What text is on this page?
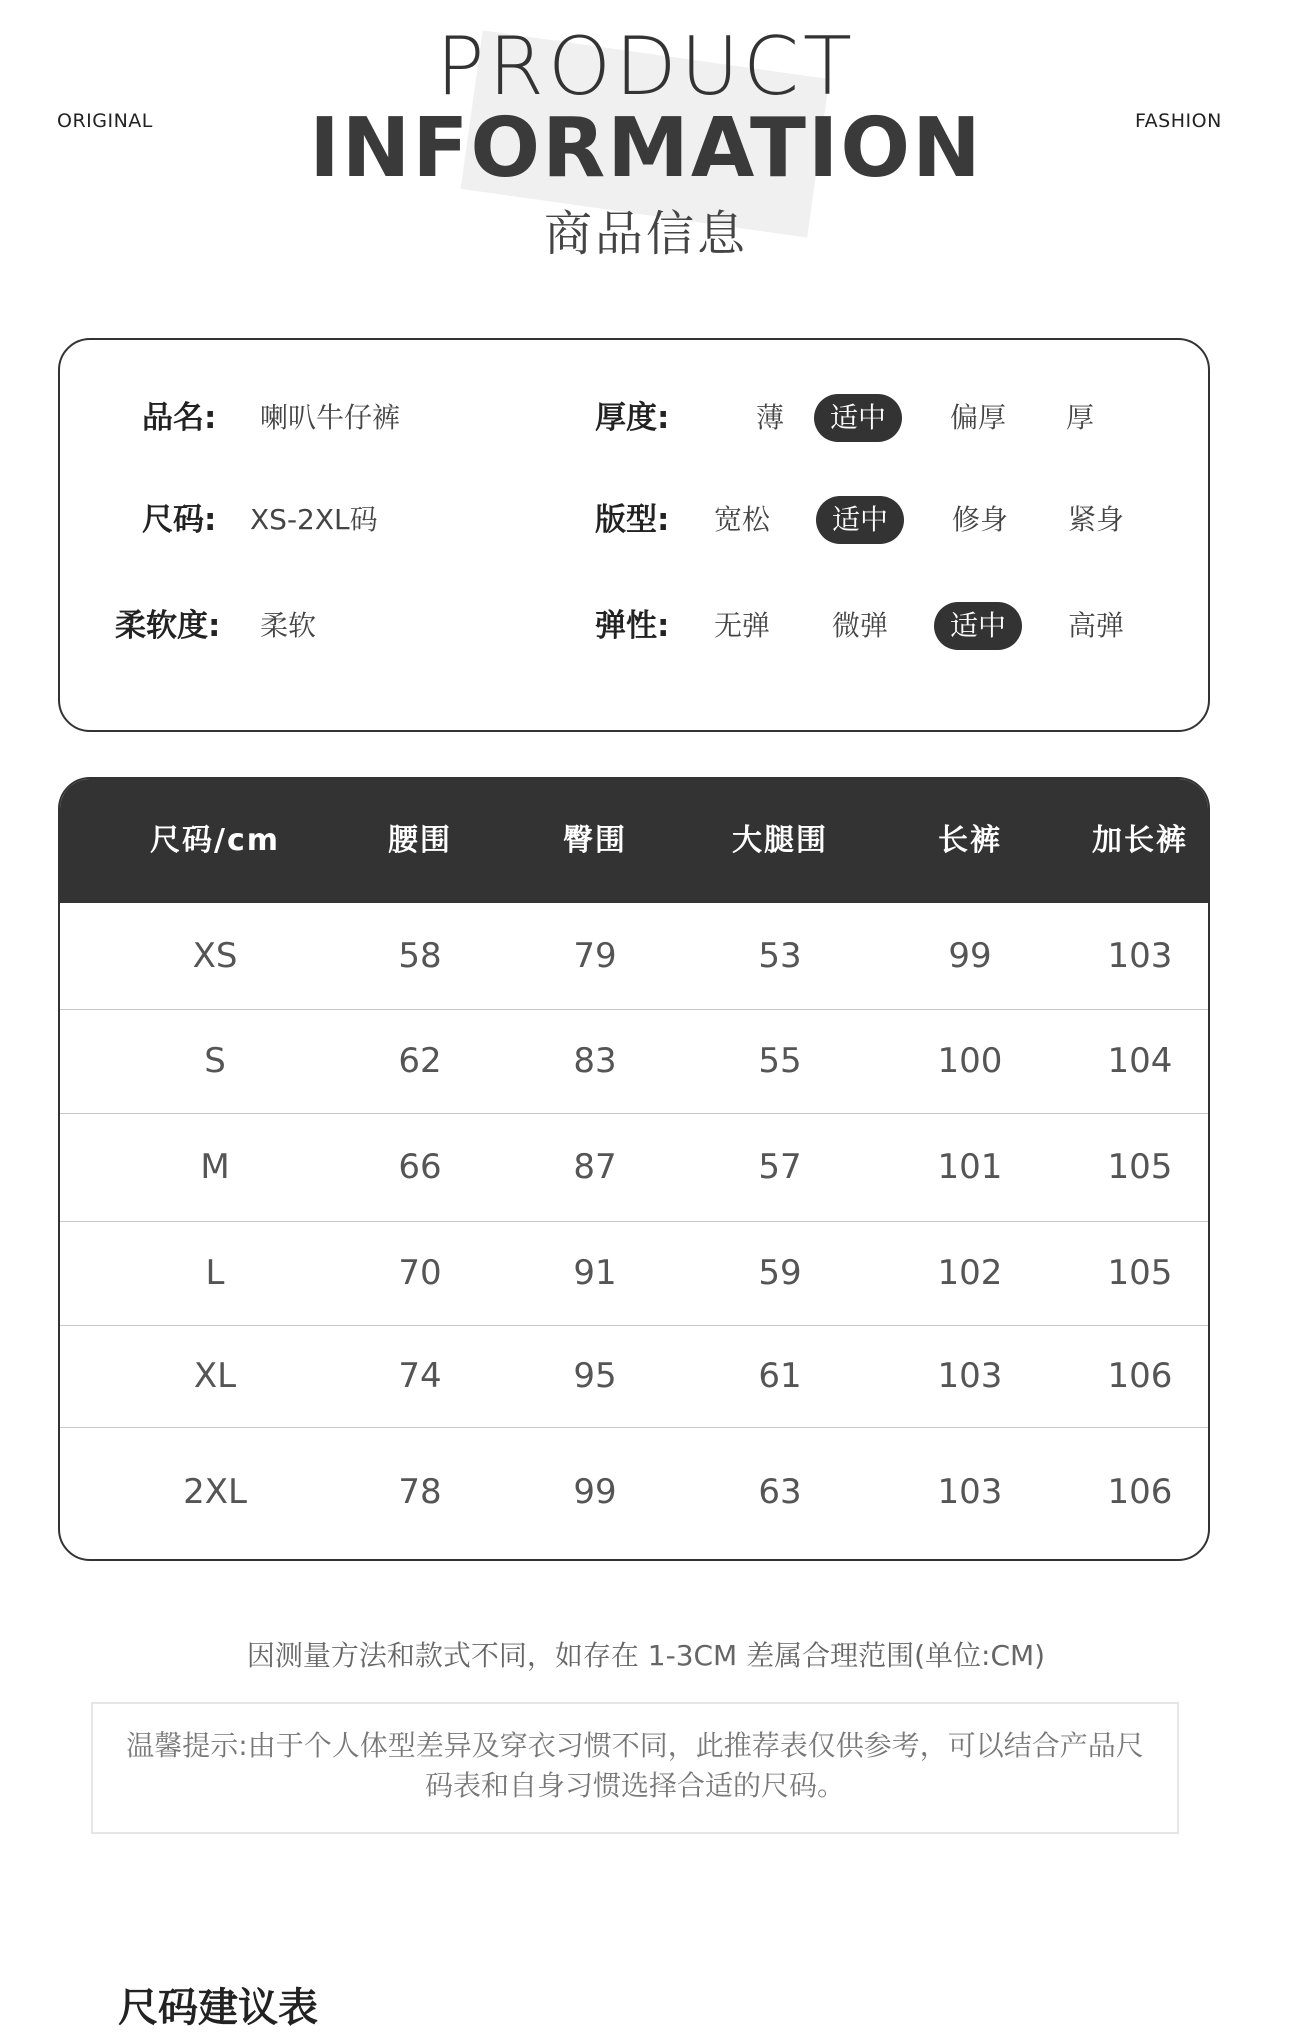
ORIGINAL	FASHION
PRODUCT
INFORMATION
商品信息
品名: 喇叭牛仔裤	厚度:	薄	适中	偏厚	厚
尺码: XS-2XL码	版型:	宽松	适中	修身	紧身
柔软度: 柔软	弹性:	无弹	微弹	适中	高弹
尺码/cm	腰围	臀围	大腿围	长裤	加长裤
XS	58	79	53	99	103
S	62	83	55	100	104
M	66	87	57	101	105
L	70	91	59	102	105
XL	74	95	61	103	106
2XL	78	99	63	103	106
因测量方法和款式不同，如存在 1-3CM 差属合理范围(单位:CM)
温馨提示:由于个人体型差异及穿衣习惯不同，此推荐表仅供参考，可以结合产品尺码表和自身习惯选择合适的尺码。
尺码建议表
